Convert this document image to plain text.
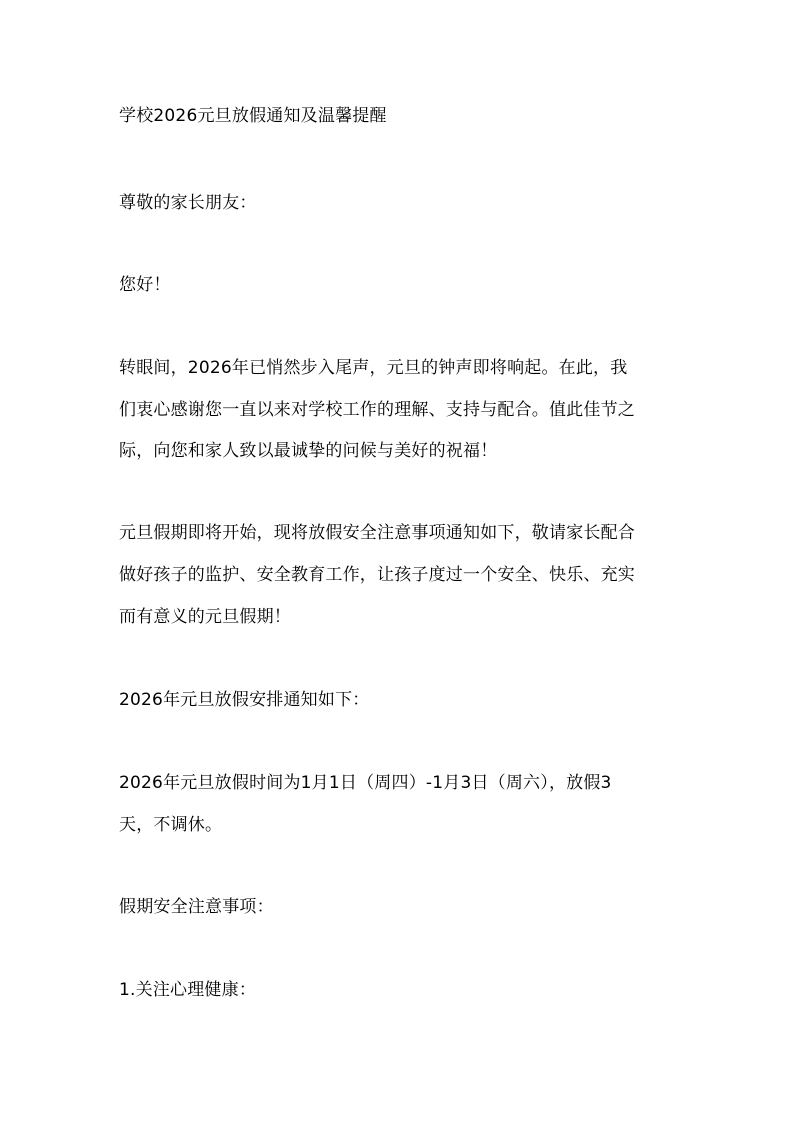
学校2026元旦放假通知及温馨提醒
尊敬的家长朋友：
您好！
转眼间，2026年已悄然步入尾声，元旦的钟声即将响起。在此，我
们衷心感谢您一直以来对学校工作的理解、支持与配合。值此佳节之
际，向您和家人致以最诚挚的问候与美好的祝福！
元旦假期即将开始，现将放假安全注意事项通知如下，敬请家长配合
做好孩子的监护、安全教育工作，让孩子度过一个安全、快乐、充实
而有意义的元旦假期！
2026年元旦放假安排通知如下：
2026年元旦放假时间为1月1日（周四）-1月3日（周六），放假3
天，不调休。
假期安全注意事项：
1.关注心理健康：
